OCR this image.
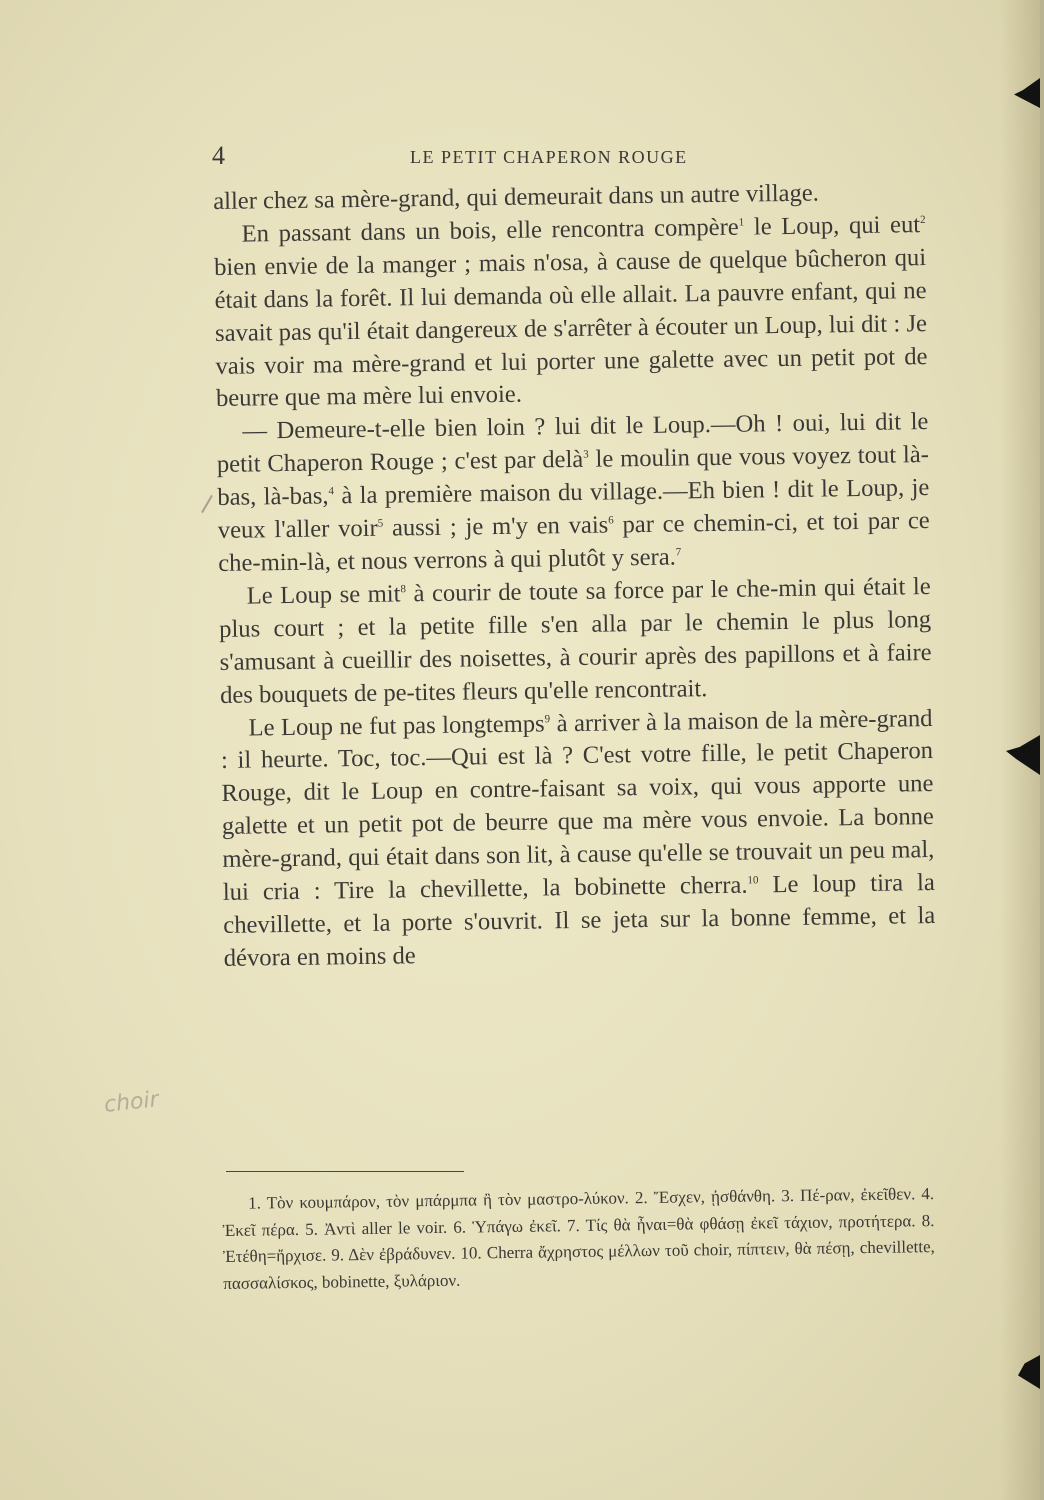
4	LE PETIT CHAPERON ROUGE

aller chez sa mère-grand, qui demeurait dans un autre village.

En passant dans un bois, elle rencontra compère$^1$ le Loup, qui eut$^2$ bien envie de la manger ; mais n'osa, à cause de quelque bûcheron qui était dans la forêt. Il lui demanda où elle allait. La pauvre enfant, qui ne savait pas qu'il était dangereux de s'arrêter à écouter un Loup, lui dit : Je vais voir ma mère-grand et lui porter une galette avec un petit pot de beurre que ma mère lui envoie.

— Demeure-t-elle bien loin ? lui dit le Loup.—Oh ! oui, lui dit le petit Chaperon Rouge ; c'est par delà$^3$ le moulin que vous voyez tout là-bas, là-bas,$^4$ à la première maison du village.—Eh bien ! dit le Loup, je veux l'aller voir$^5$ aussi ; je m'y en vais$^6$ par ce chemin-ci, et toi par ce che-min-là, et nous verrons à qui plutôt y sera.$^7$

Le Loup se mit$^8$ à courir de toute sa force par le che-min qui était le plus court ; et la petite fille s'en alla par le chemin le plus long s'amusant à cueillir des noisettes, à courir après des papillons et à faire des bouquets de pe-tites fleurs qu'elle rencontrait.

Le Loup ne fut pas longtemps$^9$ à arriver à la maison de la mère-grand : il heurte. Toc, toc.—Qui est là ? C'est votre fille, le petit Chaperon Rouge, dit le Loup en contre-faisant sa voix, qui vous apporte une galette et un petit pot de beurre que ma mère vous envoie. La bonne mère-grand, qui était dans son lit, à cause qu'elle se trouvait un peu mal, lui cria : Tire la chevillette, la bobinette cherra.$^{10}$ Le loup tira la chevillette, et la porte s'ouvrit. Il se jeta sur la bonne femme, et la dévora en moins de

choir

1. Τὸν κουμπάρον, τὸν μπάρμπα ἢ τὸν μαστρο-λύκον. 2. Ἔσχεν, ᾐσθάνθη. 3. Πέ-ραν, ἐκεῖθεν. 4. Ἐκεῖ πέρα. 5. Ἀντὶ aller le voir. 6. Ὑπάγω ἐκεῖ. 7. Τίς θὰ ἦναι=θὰ φθάσῃ ἐκεῖ τάχιον, προτήτερα. 8. Ἐτέθη=ἤρχισε. 9. Δὲν ἐβράδυνεν. 10. Cherra ἄχρηστος μέλλων τοῦ choir, πίπτειν, θὰ πέσῃ, chevillette, πασσαλίσκος, bobinette, ξυλάριον.
